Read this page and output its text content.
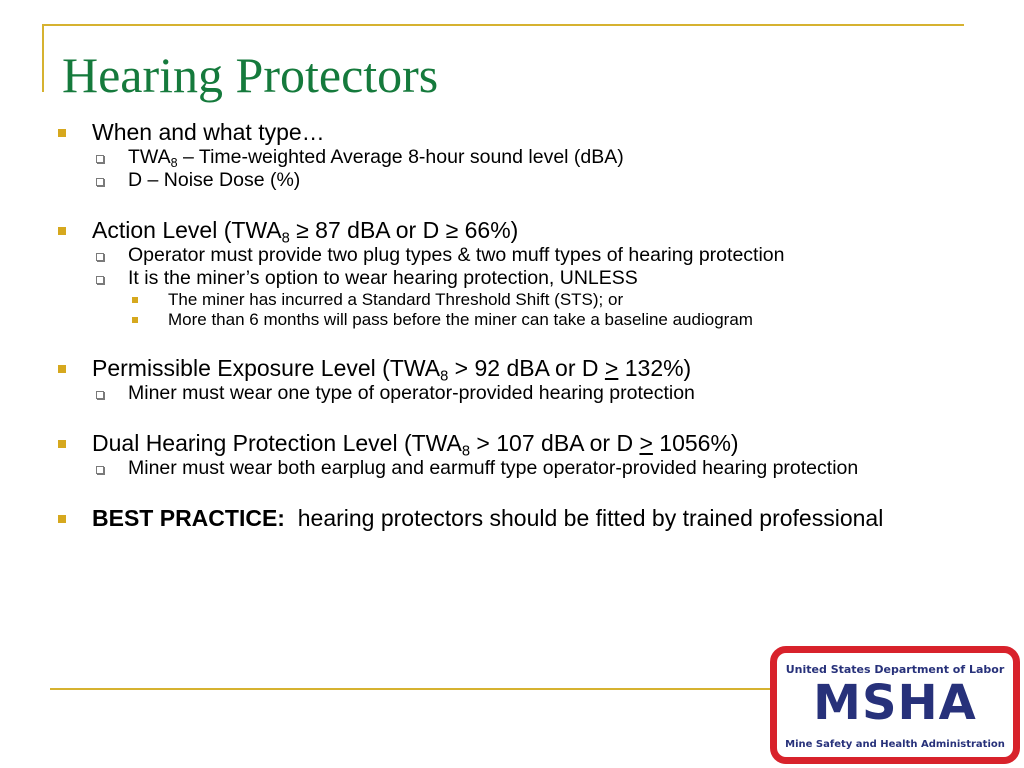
Hearing Protectors
When and what type…
$TWA_8$ – Time-weighted Average 8-hour sound level (dBA)
D – Noise Dose (%)
Action Level ($TWA_8 \ge 87$ dBA or D ≥ 66%)
Operator must provide two plug types & two muff types of hearing protection
It is the miner’s option to wear hearing protection, UNLESS
The miner has incurred a Standard Threshold Shift (STS); or
More than 6 months will pass before the miner can take a baseline audiogram
Permissible Exposure Level ($TWA_8 > 92$ dBA or D > 132%)
Miner must wear one type of operator-provided hearing protection
Dual Hearing Protection Level ($TWA_8 > 107$ dBA or D > 1056%)
Miner must wear both earplug and earmuff type operator-provided hearing protection
BEST PRACTICE: hearing protectors should be fitted by trained professional
United States Department of Labor
MSHA
Mine Safety and Health Administration
